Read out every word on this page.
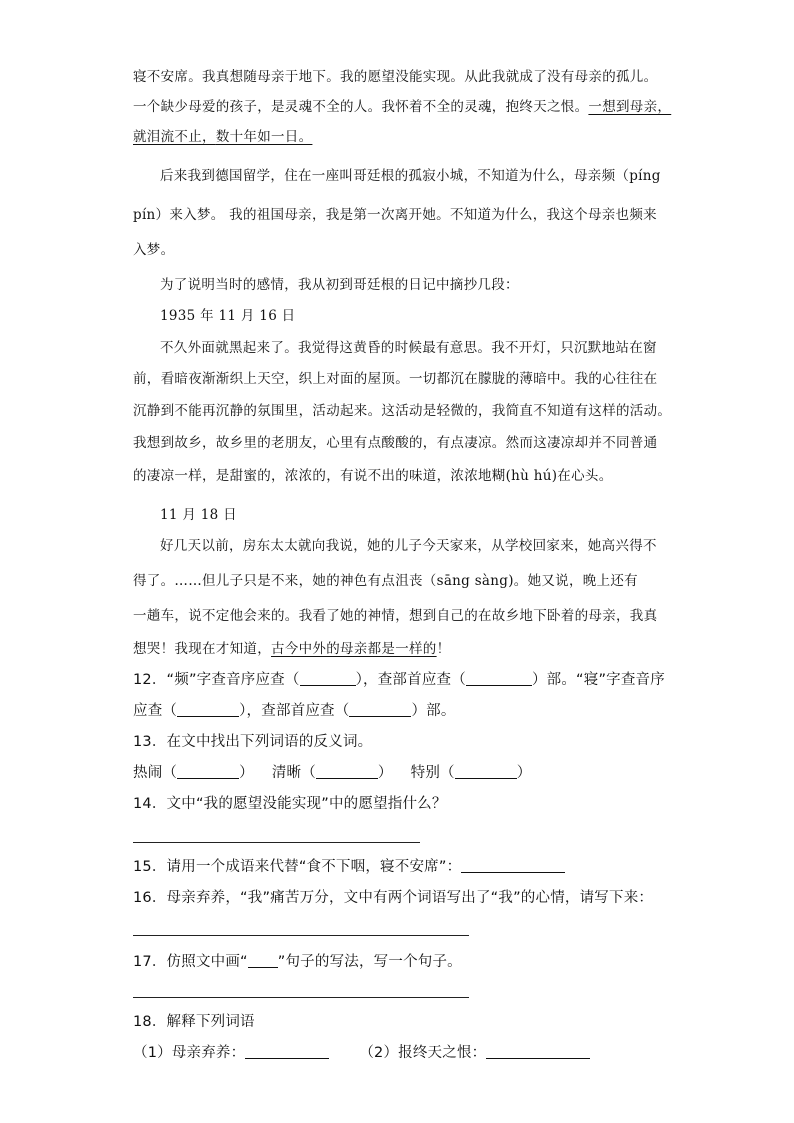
寝不安席。我真想随母亲于地下。我的愿望没能实现。从此我就成了没有母亲的孤儿。
一个缺少母爱的孩子，是灵魂不全的人。我怀着不全的灵魂，抱终天之恨。一想到母亲，
就泪流不止，数十年如一日。
后来我到德国留学，住在一座叫哥廷根的孤寂小城，不知道为什么，母亲频（píng
pín）来入梦。 我的祖国母亲，我是第一次离开她。不知道为什么，我这个母亲也频来
入梦。
为了说明当时的感情，我从初到哥廷根的日记中摘抄几段：
1935 年 11 月 16 日
不久外面就黑起来了。我觉得这黄昏的时候最有意思。我不开灯，只沉默地站在窗
前，看暗夜渐渐织上天空，织上对面的屋顶。一切都沉在朦胧的薄暗中。我的心往往在
沉静到不能再沉静的氛围里，活动起来。这活动是轻微的，我简直不知道有这样的活动。
我想到故乡，故乡里的老朋友，心里有点酸酸的，有点凄凉。然而这凄凉却并不同普通
的凄凉一样，是甜蜜的，浓浓的，有说不出的味道，浓浓地糊(hù hú)在心头。
11 月 18 日
好几天以前，房东太太就向我说，她的儿子今天家来，从学校回家来，她高兴得不
得了。……但儿子只是不来，她的神色有点沮丧（sāng sàng)。她又说，晚上还有
一趟车，说不定他会来的。我看了她的神情，想到自己的在故乡地下卧着的母亲，我真
想哭！我现在才知道，古今中外的母亲都是一样的！
12．“频”字查音序应查（	），查部首应查（	）部。“寝”字查音序
应查（	），查部首应查（	）部。
13．在文中找出下列词语的反义词。
热闹（	） 清晰（	） 特别（	）
14．文中“我的愿望没能实现”中的愿望指什么？
15．请用一个成语来代替“食不下咽，寝不安席”：
16．母亲弃养，“我”痛苦万分，文中有两个词语写出了“我”的心情，请写下来：
17．仿照文中画“ ”句子的写法，写一个句子。
18．解释下列词语
（1）母亲弃养：	（2）报终天之恨：
